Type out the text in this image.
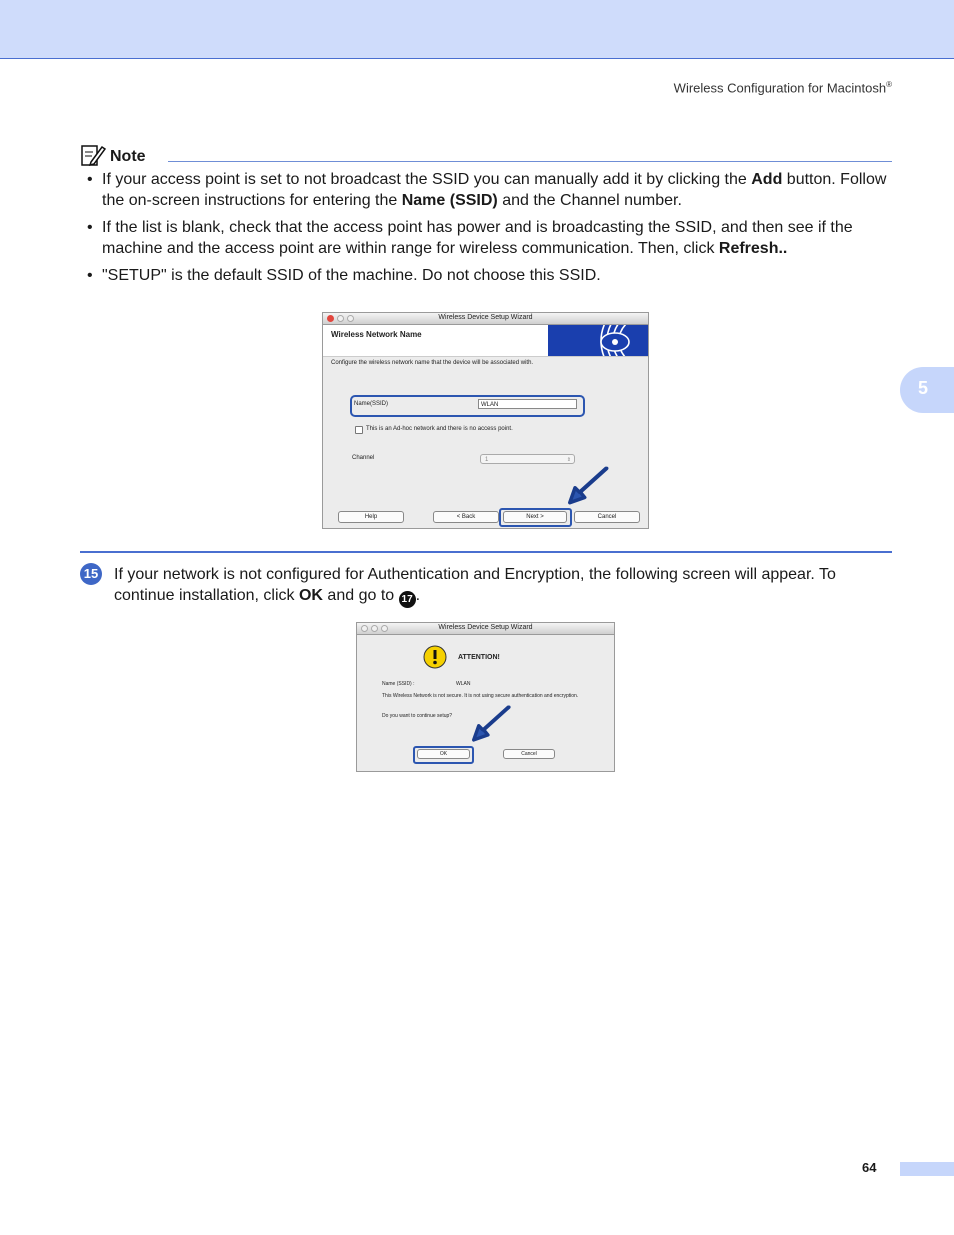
Wireless Configuration for Macintosh®
5
Note
• If your access point is set to not broadcast the SSID you can manually add it by clicking the Add button. Follow the on-screen instructions for entering the Name (SSID) and the Channel number.
• If the list is blank, check that the access point has power and is broadcasting the SSID, and then see if the machine and the access point are within range for wireless communication. Then, click Refresh..
• "SETUP" is the default SSID of the machine. Do not choose this SSID.
Wireless Device Setup Wizard
Wireless Network Name
Configure the wireless network name that the device will be associated with.
Name(SSID)	WLAN
This is an Ad-hoc network and there is no access point.
Channel	1	⇕
Help	< Back	Next >	Cancel
15 If your network is not configured for Authentication and Encryption, the following screen will appear. To continue installation, click OK and go to 17 .
Wireless Device Setup Wizard
ATTENTION!
Name (SSID) :	WLAN
This Wireless Network is not secure. It is not using secure authentication and encryption.
Do you want to continue setup?
OK	Cancel
64
